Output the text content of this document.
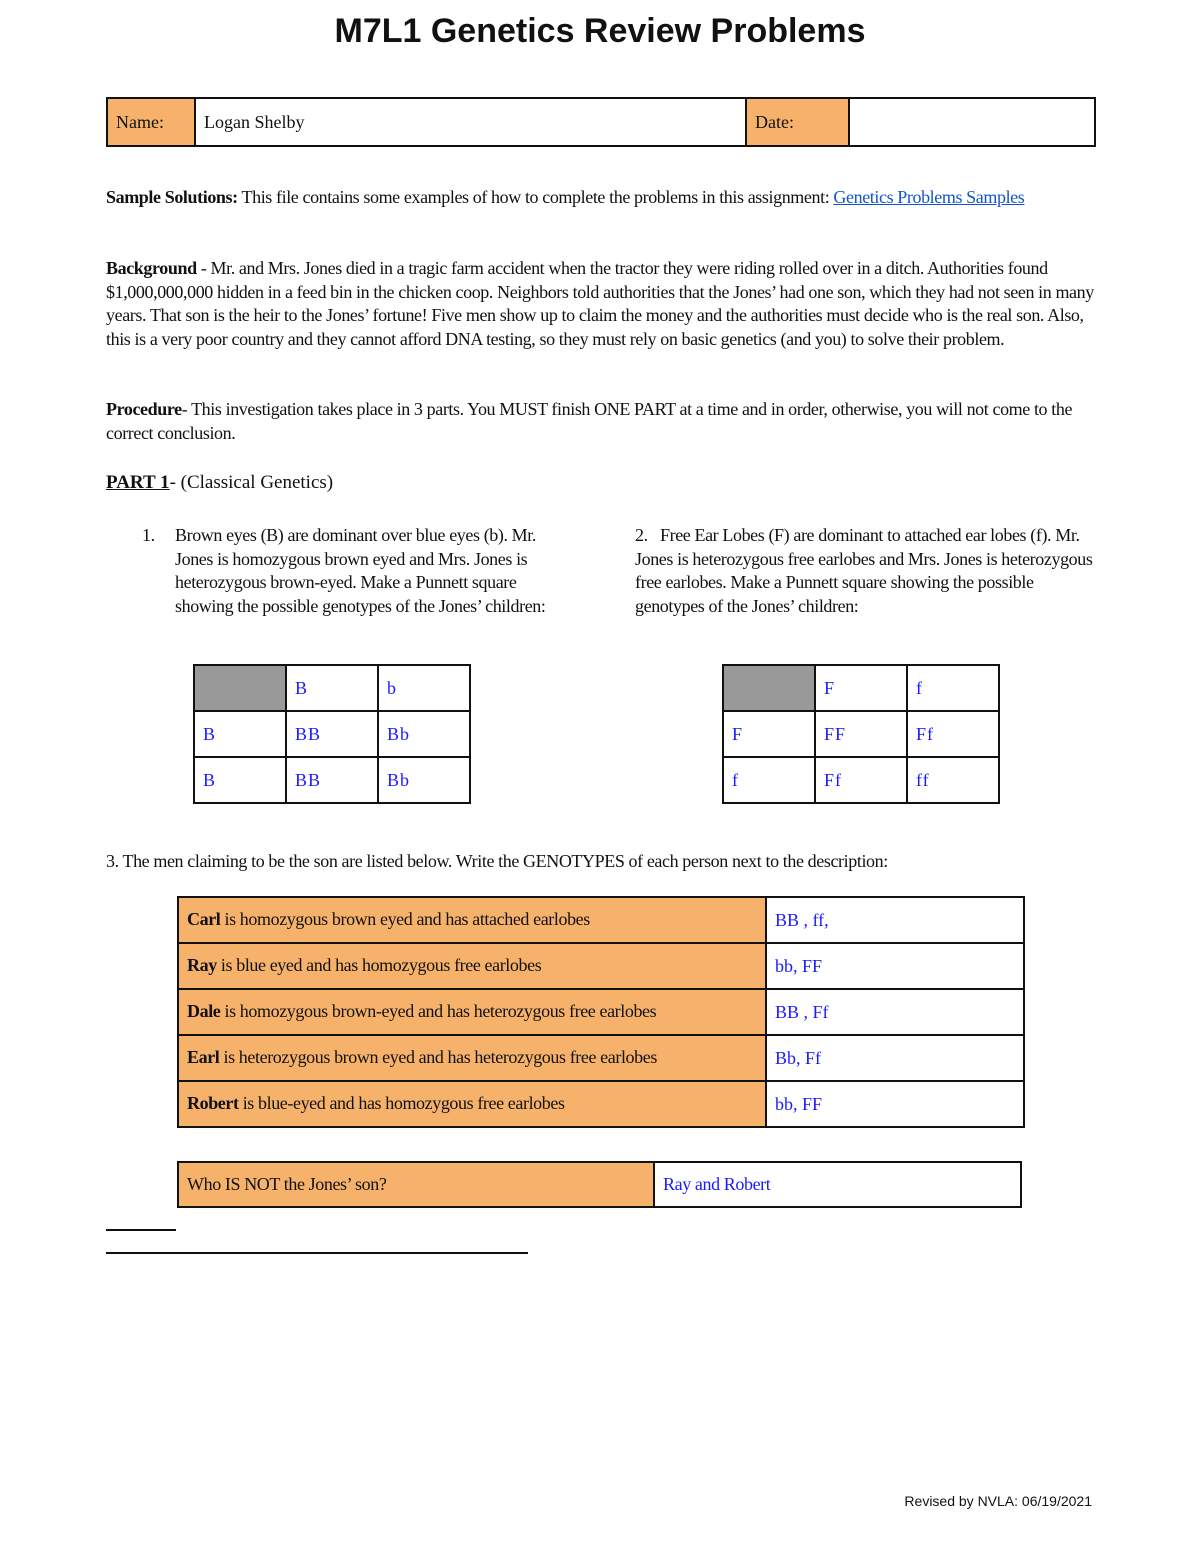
M7L1 Genetics Review Problems
Name:	Logan Shelby	Date:	
Sample Solutions: This file contains some examples of how to complete the problems in this assignment: Genetics Problems Samples
Background - Mr. and Mrs. Jones died in a tragic farm accident when the tractor they were riding rolled over in a ditch. Authorities found $1,000,000,000 hidden in a feed bin in the chicken coop. Neighbors told authorities that the Jones’ had one son, which they had not seen in many years. That son is the heir to the Jones’ fortune! Five men show up to claim the money and the authorities must decide who is the real son. Also, this is a very poor country and they cannot afford DNA testing, so they must rely on basic genetics (and you) to solve their problem.
Procedure- This investigation takes place in 3 parts. You MUST finish ONE PART at a time and in order, otherwise, you will not come to the correct conclusion.
PART 1- (Classical Genetics)
1. Brown eyes (B) are dominant over blue eyes (b). Mr. Jones is homozygous brown eyed and Mrs. Jones is heterozygous brown-eyed. Make a Punnett square showing the possible genotypes of the Jones’ children:
2. Free Ear Lobes (F) are dominant to attached ear lobes (f). Mr. Jones is heterozygous free earlobes and Mrs. Jones is heterozygous free earlobes. Make a Punnett square showing the possible genotypes of the Jones’ children:
	B	b
B	BB	Bb
B	BB	Bb
	F	f
F	FF	Ff
f	Ff	ff
3. The men claiming to be the son are listed below. Write the GENOTYPES of each person next to the description:
Carl is homozygous brown eyed and has attached earlobes	BB , ff,
Ray is blue eyed and has homozygous free earlobes	bb, FF
Dale is homozygous brown-eyed and has heterozygous free earlobes	BB , Ff
Earl is heterozygous brown eyed and has heterozygous free earlobes	Bb, Ff
Robert is blue-eyed and has homozygous free earlobes	bb, FF
Who IS NOT the Jones’ son?	Ray and Robert
Revised by NVLA: 06/19/2021
